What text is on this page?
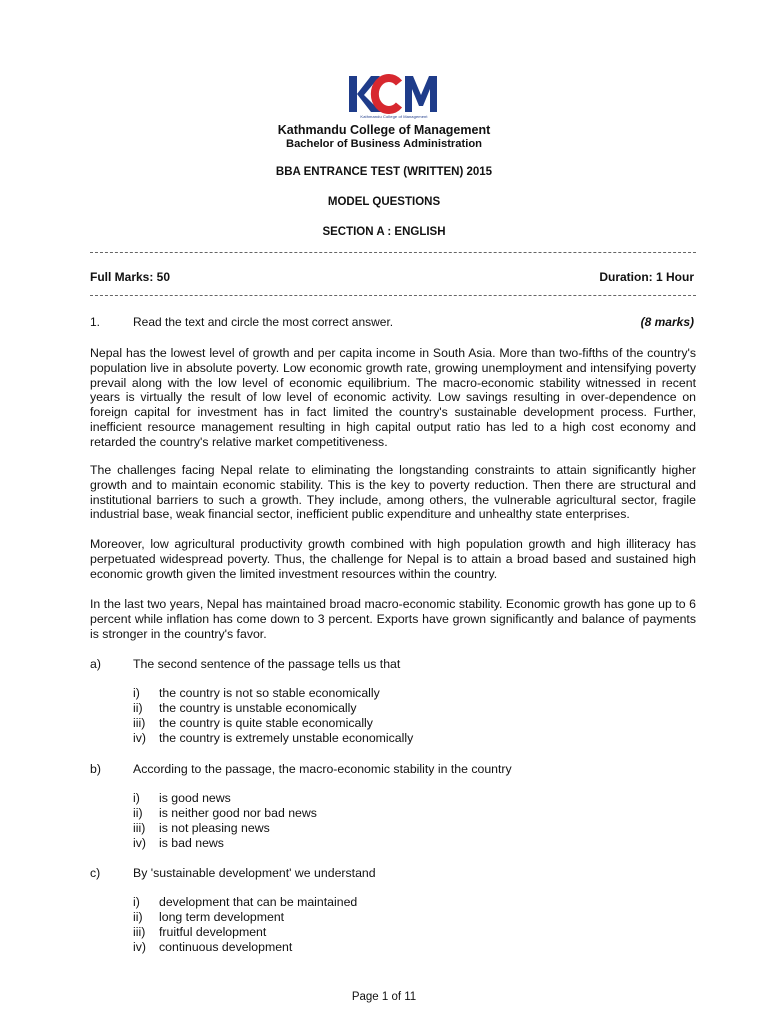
Kathmandu College of Management
Kathmandu College of Management
Bachelor of Business Administration
BBA ENTRANCE TEST (WRITTEN) 2015
MODEL QUESTIONS
SECTION A : ENGLISH
Full Marks: 50	Duration: 1 Hour
1.	Read the text and circle the most correct answer.	(8 marks)

Nepal has the lowest level of growth and per capita income in South Asia. More than two-fifths of the country's population live in absolute poverty. Low economic growth rate, growing unemployment and intensifying poverty prevail along with the low level of economic equilibrium. The macro-economic stability witnessed in recent years is virtually the result of low level of economic activity. Low savings resulting in over-dependence on foreign capital for investment has in fact limited the country's sustainable development process. Further, inefficient resource management resulting in high capital output ratio has led to a high cost economy and retarded the country's relative market competitiveness.

The challenges facing Nepal relate to eliminating the longstanding constraints to attain significantly higher growth and to maintain economic stability. This is the key to poverty reduction. Then there are structural and institutional barriers to such a growth. They include, among others, the vulnerable agricultural sector, fragile industrial base, weak financial sector, inefficient public expenditure and unhealthy state enterprises.

Moreover, low agricultural productivity growth combined with high population growth and high illiteracy has perpetuated widespread poverty. Thus, the challenge for Nepal is to attain a broad based and sustained high economic growth given the limited investment resources within the country.

In the last two years, Nepal has maintained broad macro-economic stability. Economic growth has gone up to 6 percent while inflation has come down to 3 percent. Exports have grown significantly and balance of payments is stronger in the country's favor.

a)	The second sentence of the passage tells us that
i) the country is not so stable economically
ii) the country is unstable economically
iii) the country is quite stable economically
iv) the country is extremely unstable economically
b)	According to the passage, the macro-economic stability in the country
i) is good news
ii) is neither good nor bad news
iii) is not pleasing news
iv) is bad news
c)	By 'sustainable development' we understand
i) development that can be maintained
ii) long term development
iii) fruitful development
iv) continuous development
Page 1 of 11
